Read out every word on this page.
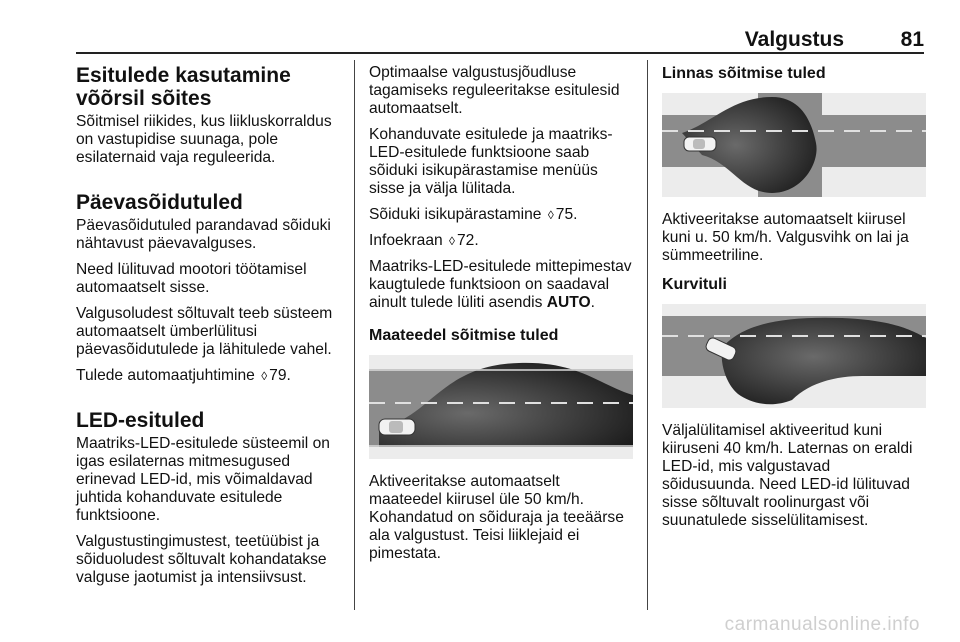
Valgustus	81
Esitulede kasutamine võõrsil sõites

Sõitmisel riikides, kus liikluskorraldus on vastupidise suunaga, pole esilaternaid vaja reguleerida.

Päevasõidutuled

Päevasõidutuled parandavad sõiduki nähtavust päevavalguses.

Need lülituvad mootori töötamisel automaatselt sisse.

Valgusoludest sõltuvalt teeb süsteem automaatselt ümberlülitusi päevasõidutulede ja lähitulede vahel.

Tulede automaatjuhtimine ◊ 79.

LED-esituled

Maatriks-LED-esitulede süsteemil on igas esilaternas mitmesugused erinevad LED-id, mis võimaldavad juhtida kohanduvate esitulede funktsioone.

Valgustustingimustest, teetüübist ja sõiduoludest sõltuvalt kohandatakse valguse jaotumist ja intensiivsust.

Optimaalse valgustusjõudluse tagamiseks reguleeritakse esitulesid automaatselt.

Kohanduvate esitulede ja maatriks-LED-esitulede funktsioone saab sõiduki isikupärastamise menüüs sisse ja välja lülitada.

Sõiduki isikupärastamine ◊ 75.

Infoekraan ◊ 72.

Maatriks-LED-esitulede mittepimestav kaugtulede funktsioon on saadaval ainult tulede lüliti asendis AUTO.

Maateedel sõitmise tuled

Aktiveeritakse automaatselt maateedel kiirusel üle 50 km/h. Kohandatud on sõiduraja ja teeäärse ala valgustust. Teisi liiklejaid ei pimestata.

Linnas sõitmise tuled

Aktiveeritakse automaatselt kiirusel kuni u. 50 km/h. Valgusvihk on lai ja sümmeetriline.

Kurvituli

Väljalülitamisel aktiveeritud kuni kiiruseni 40 km/h. Laternas on eraldi LED-id, mis valgustavad sõidusuunda. Need LED-id lülituvad sisse sõltuvalt roolinurgast või suunatulede sisselülitamisest.

carmanualsonline.info
